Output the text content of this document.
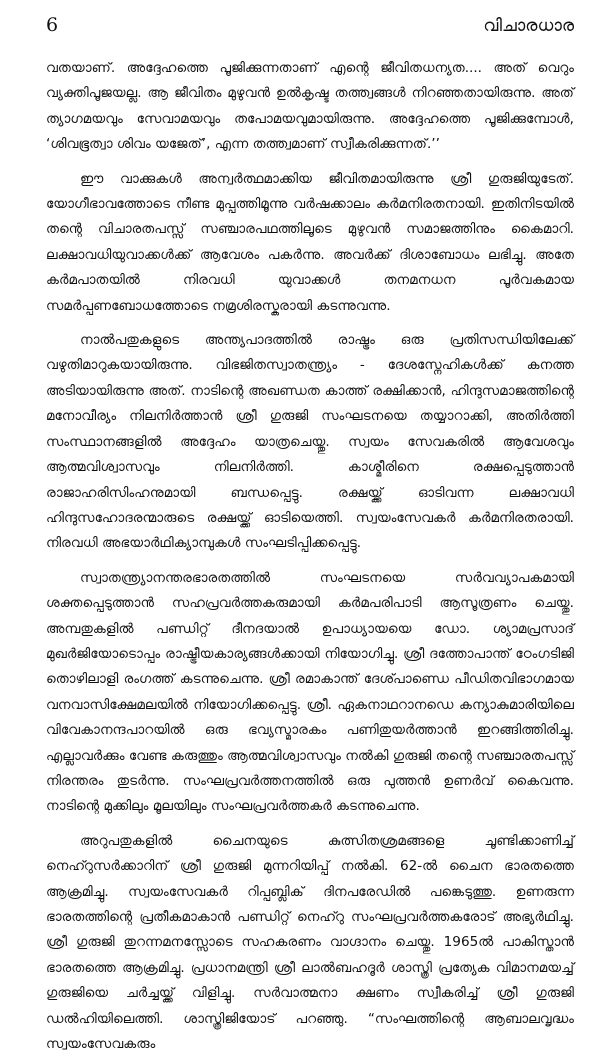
6	വിചാരധാര

വതയാണ്. അദ്ദേഹത്തെ പൂജിക്കുന്നതാണ് എന്റെ ജീവിതധന്യത.... അത് വെറും വ്യക്തിപൂജയല്ല. ആ ജീവിതം മുഴുവൻ ഉൽകൃഷ്ട തത്ത്വങ്ങൾ നിറഞ്ഞതായിരുന്നു. അത് ത്യാഗമയവും സേവാമയവും തപോമയവുമായിരുന്നു. അദ്ദേഹത്തെ പൂജിക്കുമ്പോൾ, ‘ശിവഭൂത്വാ ശിവം യജേത്’, എന്ന തത്ത്വമാണ് സ്വീകരിക്കുന്നത്.’’

ഈ വാക്കുകൾ അന്വർത്ഥമാക്കിയ ജീവിതമായിരുന്നു ശ്രീ ഗുരുജിയുടേത്. യോഗീഭാവത്തോടെ നീണ്ട മുപ്പത്തിമൂന്നു വർഷക്കാലം കർമനിരതനായി. ഇതിനിടയിൽ തന്റെ വിചാരതപസ്സ് സഞ്ചാരപഥത്തിലൂടെ മുഴുവൻ സമാജത്തിനും കൈമാറി. ലക്ഷാവധിയുവാക്കൾക്ക് ആവേശം പകർന്നു. അവർക്ക് ദിശാബോധം ലഭിച്ചു. അതേ കർമപാതയിൽ നിരവധി യുവാക്കൾ തനമനധന പൂർവകമായ സമർപ്പണബോധത്തോടെ നമ്രശിരസ്കരായി കടന്നുവന്നു.

നാൽപതുകളുടെ അന്ത്യപാദത്തിൽ രാഷ്ട്രം ഒരു പ്രതിസന്ധിയിലേക്ക് വഴുതിമാറുകയായിരുന്നു. വിഭജിതസ്വാതന്ത്ര്യം - ദേശസ്നേഹികൾക്ക് കനത്ത അടിയായിരുന്നു അത്. നാടിന്റെ അഖണ്ഡത കാത്ത് രക്ഷിക്കാൻ, ഹിന്ദുസമാജത്തിന്റെ മനോവീര്യം നിലനിർത്താൻ ശ്രീ ഗുരുജി സംഘടനയെ തയ്യാറാക്കി, അതിർത്തി സംസ്ഥാനങ്ങളിൽ അദ്ദേഹം യാത്രചെയ്തു. സ്വയം സേവകരിൽ ആവേശവും ആത്മവിശ്വാസവും നിലനിർത്തി. കാശ്മീരിനെ രക്ഷപ്പെടുത്താൻ രാജാഹരിസിംഹനുമായി ബന്ധപ്പെട്ടു. രക്ഷയ്ക്ക് ഓടിവന്ന ലക്ഷാവധി ഹിന്ദുസഹോദരന്മാരുടെ രക്ഷയ്ക്ക് ഓടിയെത്തി. സ്വയംസേവകർ കർമനിരതരായി. നിരവധി അഭയാർഥിക്യാമ്പുകൾ സംഘടിപ്പിക്കപ്പെട്ടു.

സ്വാതന്ത്ര്യാനന്തരഭാരതത്തിൽ സംഘടനയെ സർവവ്യാപകമായി ശക്തപ്പെടുത്താൻ സഹപ്രവർത്തകരുമായി കർമപരിപാടി ആസൂത്രണം ചെയ്തു. അമ്പതുകളിൽ പണ്ഡിറ്റ് ദീനദയാൽ ഉപാധ്യായയെ ഡോ. ശ്യാമപ്രസാദ് മുഖർജിയോടൊപ്പം രാഷ്ട്രീയകാര്യങ്ങൾക്കായി നിയോഗിച്ചു. ശ്രീ ദത്തോപാന്ത് ഠേംഗടിജി തൊഴിലാളി രംഗത്ത് കടന്നുചെന്നു. ശ്രീ രമാകാന്ത് ദേശ്പാണ്ഡെ പീഡിതവിഭാഗമായ വനവാസിക്ഷേമലയിൽ നിയോഗിക്കപ്പെട്ടു. ശ്രീ. ഏകനാഥറാനഡെ കന്യാകുമാരിയിലെ വിവേകാനന്ദപാറയിൽ ഒരു ഭവ്യസ്മാരകം പണിതുയർത്താൻ ഇറങ്ങിത്തിരിച്ചു. എല്ലാവർക്കും വേണ്ട കരുത്തും ആത്മവിശ്വാസവും നൽകി ഗുരുജി തന്റെ സഞ്ചാരതപസ്സ് നിരന്തരം തുടർന്നു. സംഘപ്രവർത്തനത്തിൽ ഒരു പുത്തൻ ഉണർവ് കൈവന്നു. നാടിന്റെ മുക്കിലും മൂലയിലും സംഘപ്രവർത്തകർ കടന്നുചെന്നു.

അറുപതുകളിൽ ചൈനയുടെ കുത്സിതശ്രമങ്ങളെ ചൂണ്ടിക്കാണിച്ച് നെഹ്റുസർക്കാറിന് ശ്രീ ഗുരുജി മുന്നറിയിപ്പ് നൽകി. 62-ൽ ചൈന ഭാരതത്തെ ആക്രമിച്ചു. സ്വയംസേവകർ റിപ്പബ്ലിക് ദിനപരേഡിൽ പങ്കെടുത്തു. ഉണരുന്ന ഭാരതത്തിന്റെ പ്രതീകമാകാൻ പണ്ഡിറ്റ് നെഹ്റു സംഘപ്രവർത്തകരോട് അഭ്യർഥിച്ചു. ശ്രീ ഗുരുജി തുറന്നമനസ്സോടെ സഹകരണം വാഗ്ദാനം ചെയ്തു. 1965ൽ പാകിസ്താൻ ഭാരതത്തെ ആക്രമിച്ചു. പ്രധാനമന്ത്രി ശ്രീ ലാൽബഹദൂർ ശാസ്ത്രി പ്രത്യേക വിമാനമയച്ച് ഗുരുജിയെ ചർച്ചയ്ക്ക് വിളിച്ചു. സർവാത്മനാ ക്ഷണം സ്വീകരിച്ച് ശ്രീ ഗുരുജി ഡൽഹിയിലെത്തി. ശാസ്ത്രിജിയോട് പറഞ്ഞു. “സംഘത്തിന്റെ ആബാലവൃദ്ധം സ്വയംസേവകരും
